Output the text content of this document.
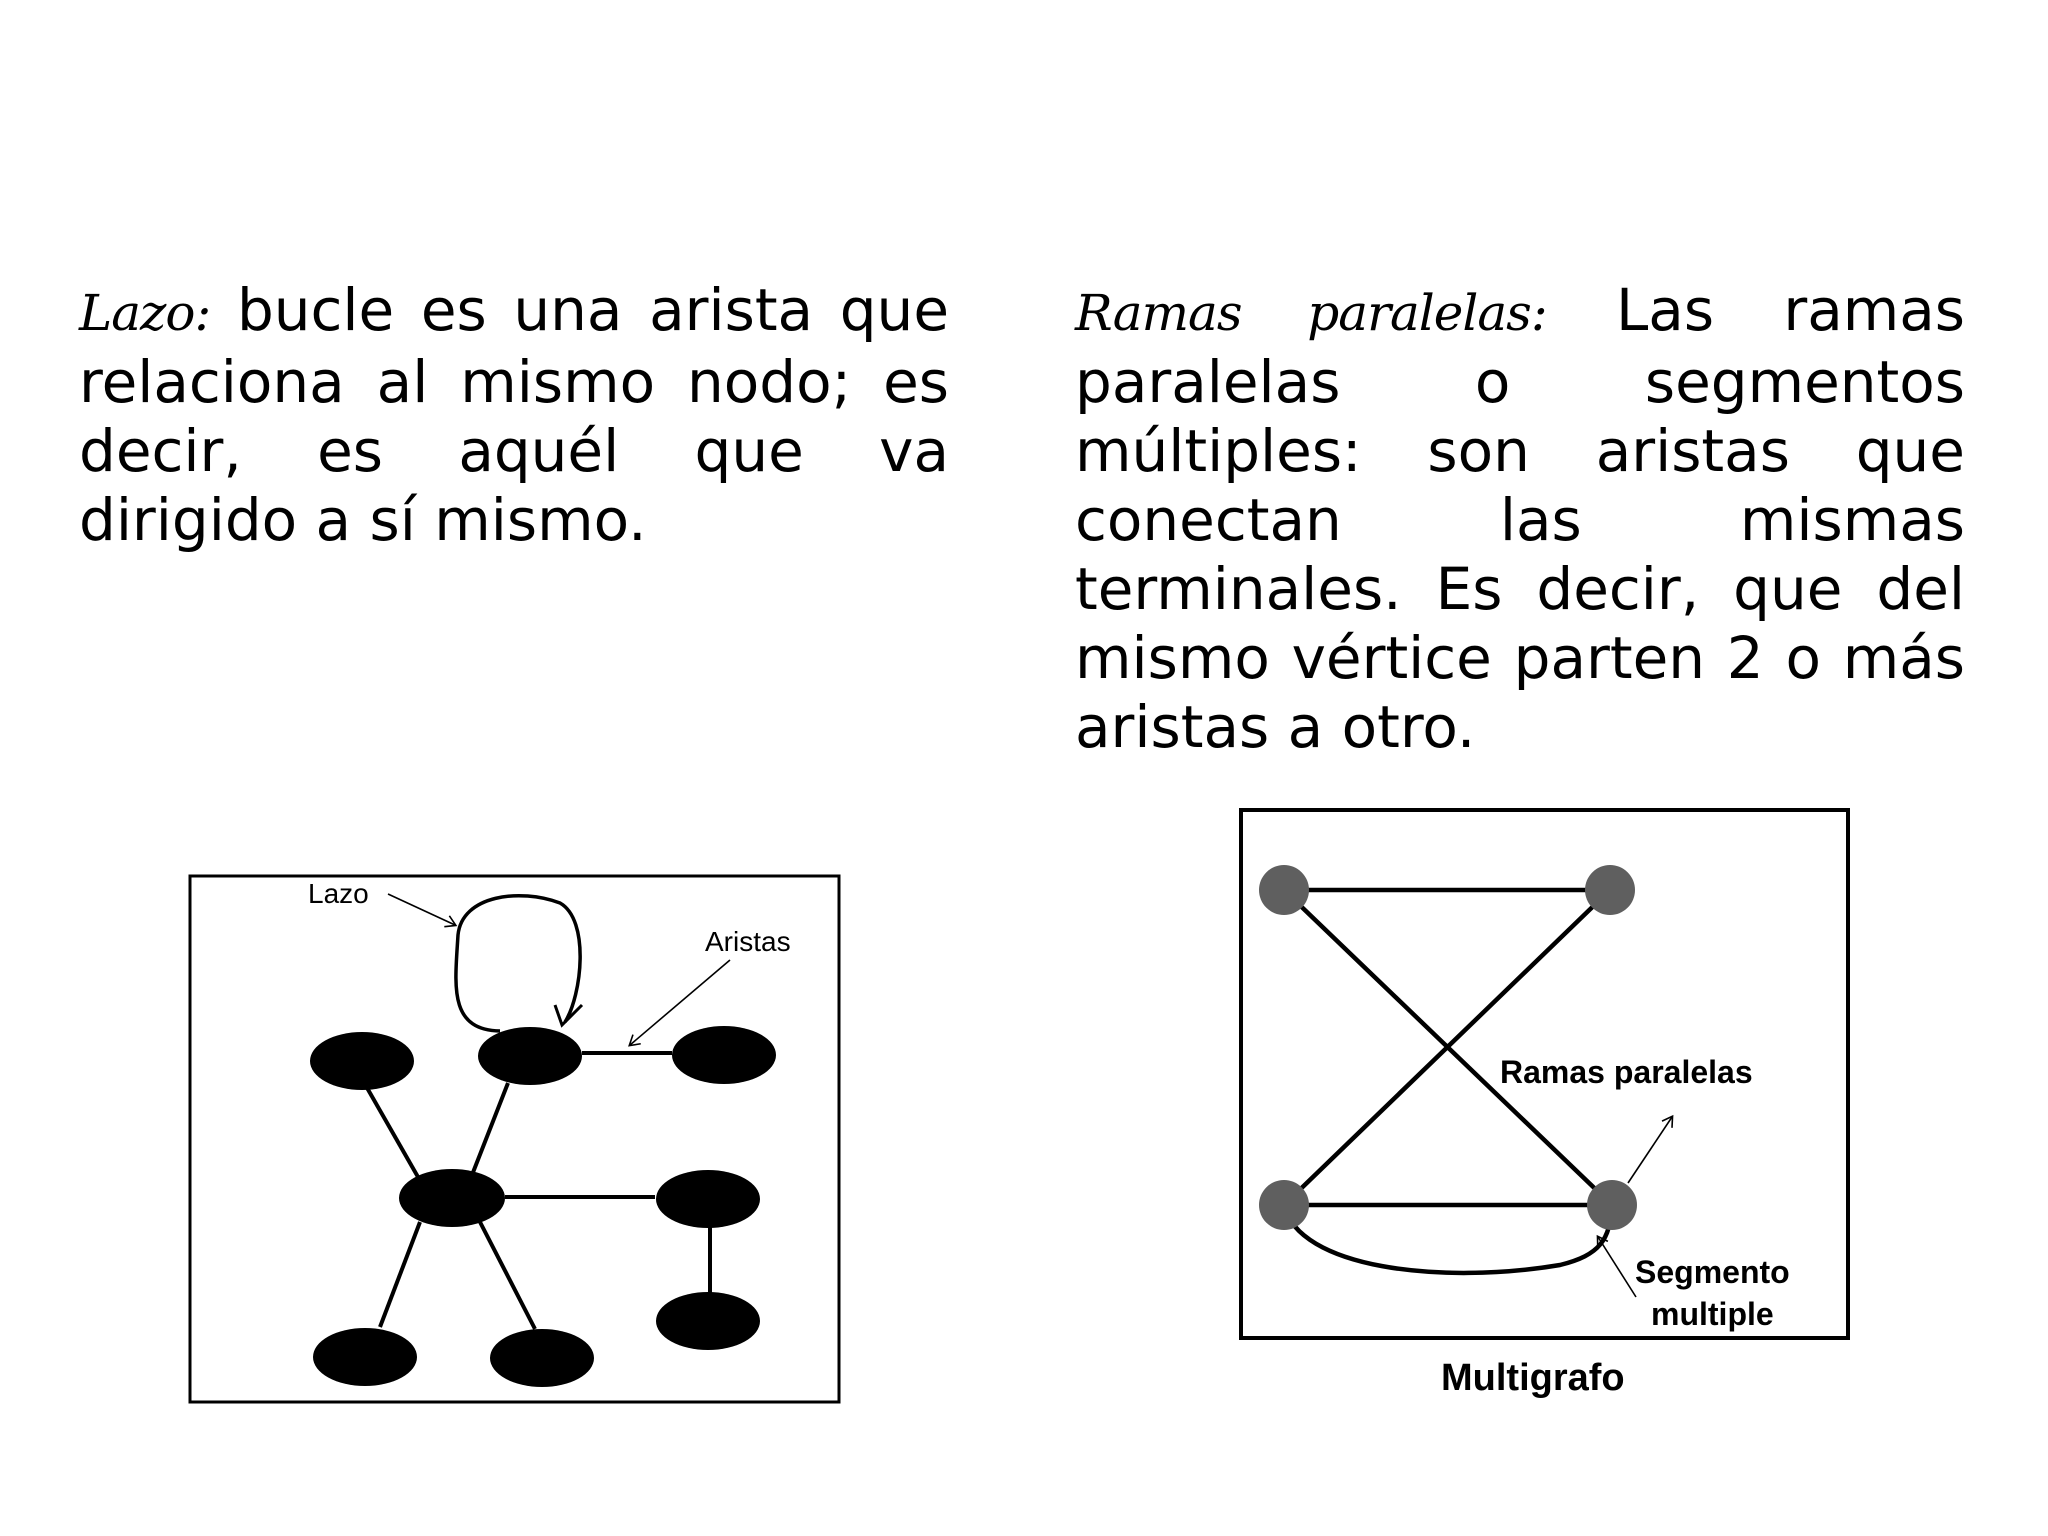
Lazo: bucle es una arista que relaciona al mismo nodo; es decir, es aquél que va dirigido a sí mismo.

Ramas paralelas: Las ramas paralelas o segmentos múltiples: son aristas que conectan las mismas terminales. Es decir, que del mismo vértice parten 2 o más aristas a otro.

Lazo
Aristas
Ramas paralelas
Segmento
multiple
Multigrafo
